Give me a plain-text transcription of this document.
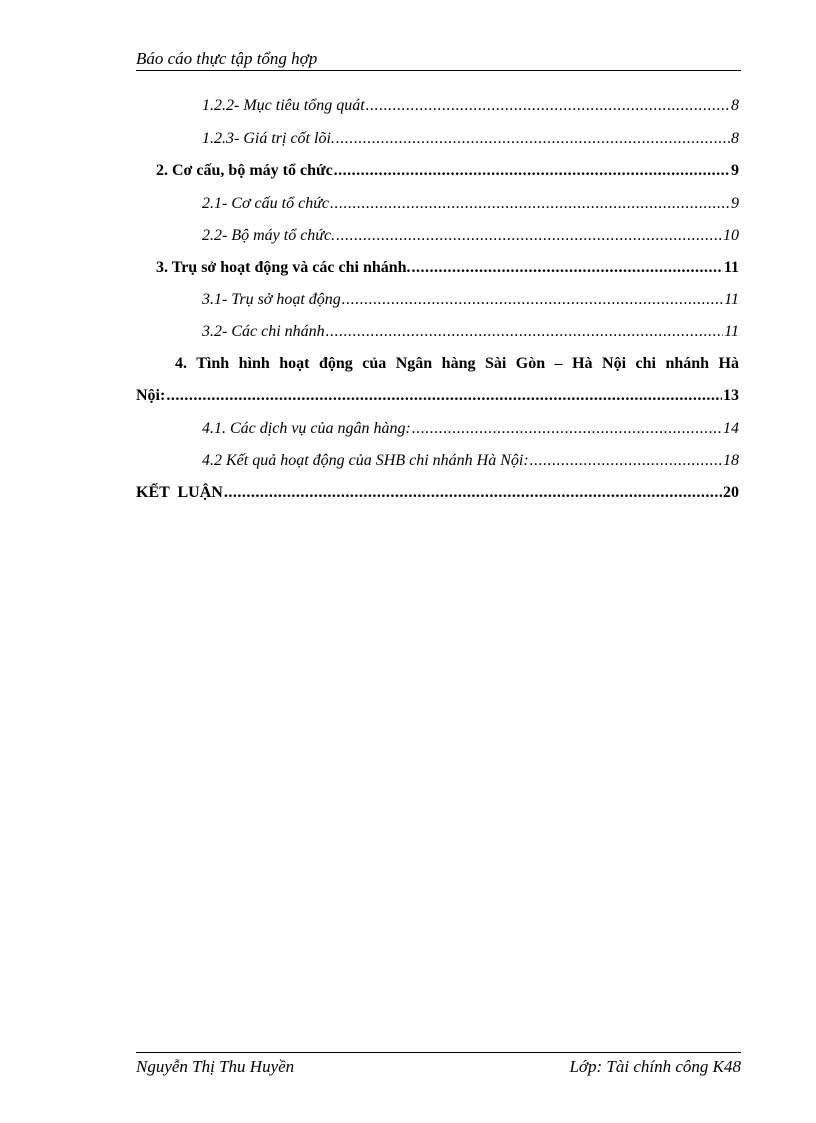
Báo cáo thực tập tổng hợp
1.2.2- Mục tiêu tổng quát .....	8
1.2.3- Giá trị cốt lõi. .....	8
2. Cơ cấu, bộ máy tổ chức .....	9
2.1- Cơ cấu tổ chức .....	9
2.2- Bộ máy tổ chức. .....	10
3. Trụ sở hoạt động và các chi nhánh. .....	11
3.1- Trụ sở hoạt động .....	11
3.2- Các chi nhánh .....	11
4. Tình hình hoạt động của Ngân hàng Sài Gòn – Hà Nội chi nhánh Hà
Nội: .....	13
4.1. Các dịch vụ của ngân hàng: .....	14
4.2 Kết quả hoạt động của SHB chi nhánh Hà Nội: .....	18
KẾT  LUẬN .....	20
Nguyễn Thị Thu Huyền	Lớp: Tài chính công K48
